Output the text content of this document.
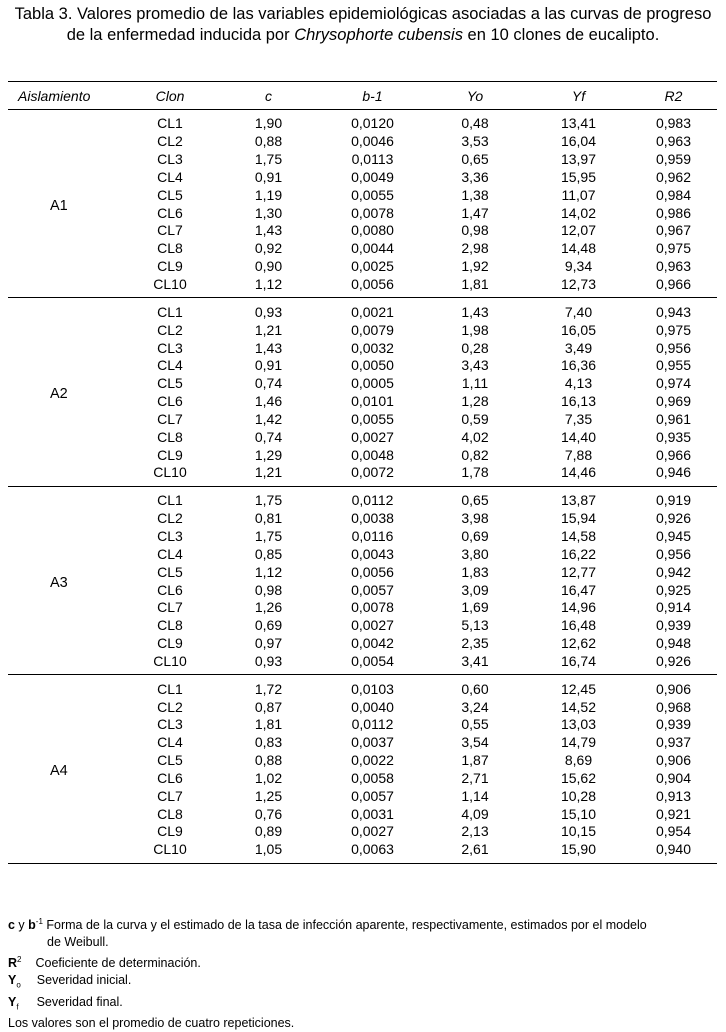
Tabla 3. Valores promedio de las variables epidemiológicas asociadas a las curvas de progreso de la enfermedad inducida por Chrysophorte cubensis en 10 clones de eucalipto.
Aislamiento	Clon	c	b-1	Yo	Yf	R2
A1	CL1	1,90	0,0120	0,48	13,41	0,983
	CL2	0,88	0,0046	3,53	16,04	0,963
	CL3	1,75	0,0113	0,65	13,97	0,959
	CL4	0,91	0,0049	3,36	15,95	0,962
	CL5	1,19	0,0055	1,38	11,07	0,984
	CL6	1,30	0,0078	1,47	14,02	0,986
	CL7	1,43	0,0080	0,98	12,07	0,967
	CL8	0,92	0,0044	2,98	14,48	0,975
	CL9	0,90	0,0025	1,92	9,34	0,963
	CL10	1,12	0,0056	1,81	12,73	0,966
A2	CL1	0,93	0,0021	1,43	7,40	0,943
	CL2	1,21	0,0079	1,98	16,05	0,975
	CL3	1,43	0,0032	0,28	3,49	0,956
	CL4	0,91	0,0050	3,43	16,36	0,955
	CL5	0,74	0,0005	1,11	4,13	0,974
	CL6	1,46	0,0101	1,28	16,13	0,969
	CL7	1,42	0,0055	0,59	7,35	0,961
	CL8	0,74	0,0027	4,02	14,40	0,935
	CL9	1,29	0,0048	0,82	7,88	0,966
	CL10	1,21	0,0072	1,78	14,46	0,946
A3	CL1	1,75	0,0112	0,65	13,87	0,919
	CL2	0,81	0,0038	3,98	15,94	0,926
	CL3	1,75	0,0116	0,69	14,58	0,945
	CL4	0,85	0,0043	3,80	16,22	0,956
	CL5	1,12	0,0056	1,83	12,77	0,942
	CL6	0,98	0,0057	3,09	16,47	0,925
	CL7	1,26	0,0078	1,69	14,96	0,914
	CL8	0,69	0,0027	5,13	16,48	0,939
	CL9	0,97	0,0042	2,35	12,62	0,948
	CL10	0,93	0,0054	3,41	16,74	0,926
A4	CL1	1,72	0,0103	0,60	12,45	0,906
	CL2	0,87	0,0040	3,24	14,52	0,968
	CL3	1,81	0,0112	0,55	13,03	0,939
	CL4	0,83	0,0037	3,54	14,79	0,937
	CL5	0,88	0,0022	1,87	8,69	0,906
	CL6	1,02	0,0058	2,71	15,62	0,904
	CL7	1,25	0,0057	1,14	10,28	0,913
	CL8	0,76	0,0031	4,09	15,10	0,921
	CL9	0,89	0,0027	2,13	10,15	0,954
	CL10	1,05	0,0063	2,61	15,90	0,940
c y $b^{-1}$ Forma de la curva y el estimado de la tasa de infección aparente, respectivamente, estimados por el modelo
de Weibull.
$R^2$ Coeficiente de determinación.
$Y_o$ Severidad inicial.
$Y_f$ Severidad final.
Los valores son el promedio de cuatro repeticiones.
